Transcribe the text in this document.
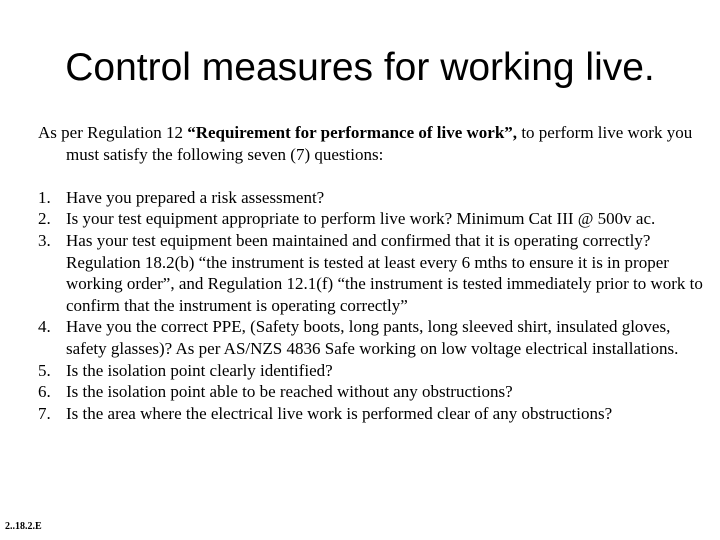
Control measures for working live.

As per Regulation 12 “Requirement for performance of live work”, to perform live work you must satisfy the following seven (7) questions:

1. Have you prepared a risk assessment?
2. Is your test equipment appropriate to perform live work? Minimum Cat III @ 500v ac.
3. Has your test equipment been maintained and confirmed that it is operating correctly? Regulation 18.2(b) “the instrument is tested at least every 6 mths to ensure it is in proper working order”, and Regulation 12.1(f) “the instrument is tested immediately prior to work to confirm that the instrument is operating correctly”
4. Have you the correct PPE, (Safety boots, long pants, long sleeved shirt, insulated gloves, safety glasses)? As per AS/NZS 4836 Safe working on low voltage electrical installations.
5. Is the isolation point clearly identified?
6. Is the isolation point able to be reached without any obstructions?
7. Is the area where the electrical live work is performed clear of any obstructions?
2..18.2.E
